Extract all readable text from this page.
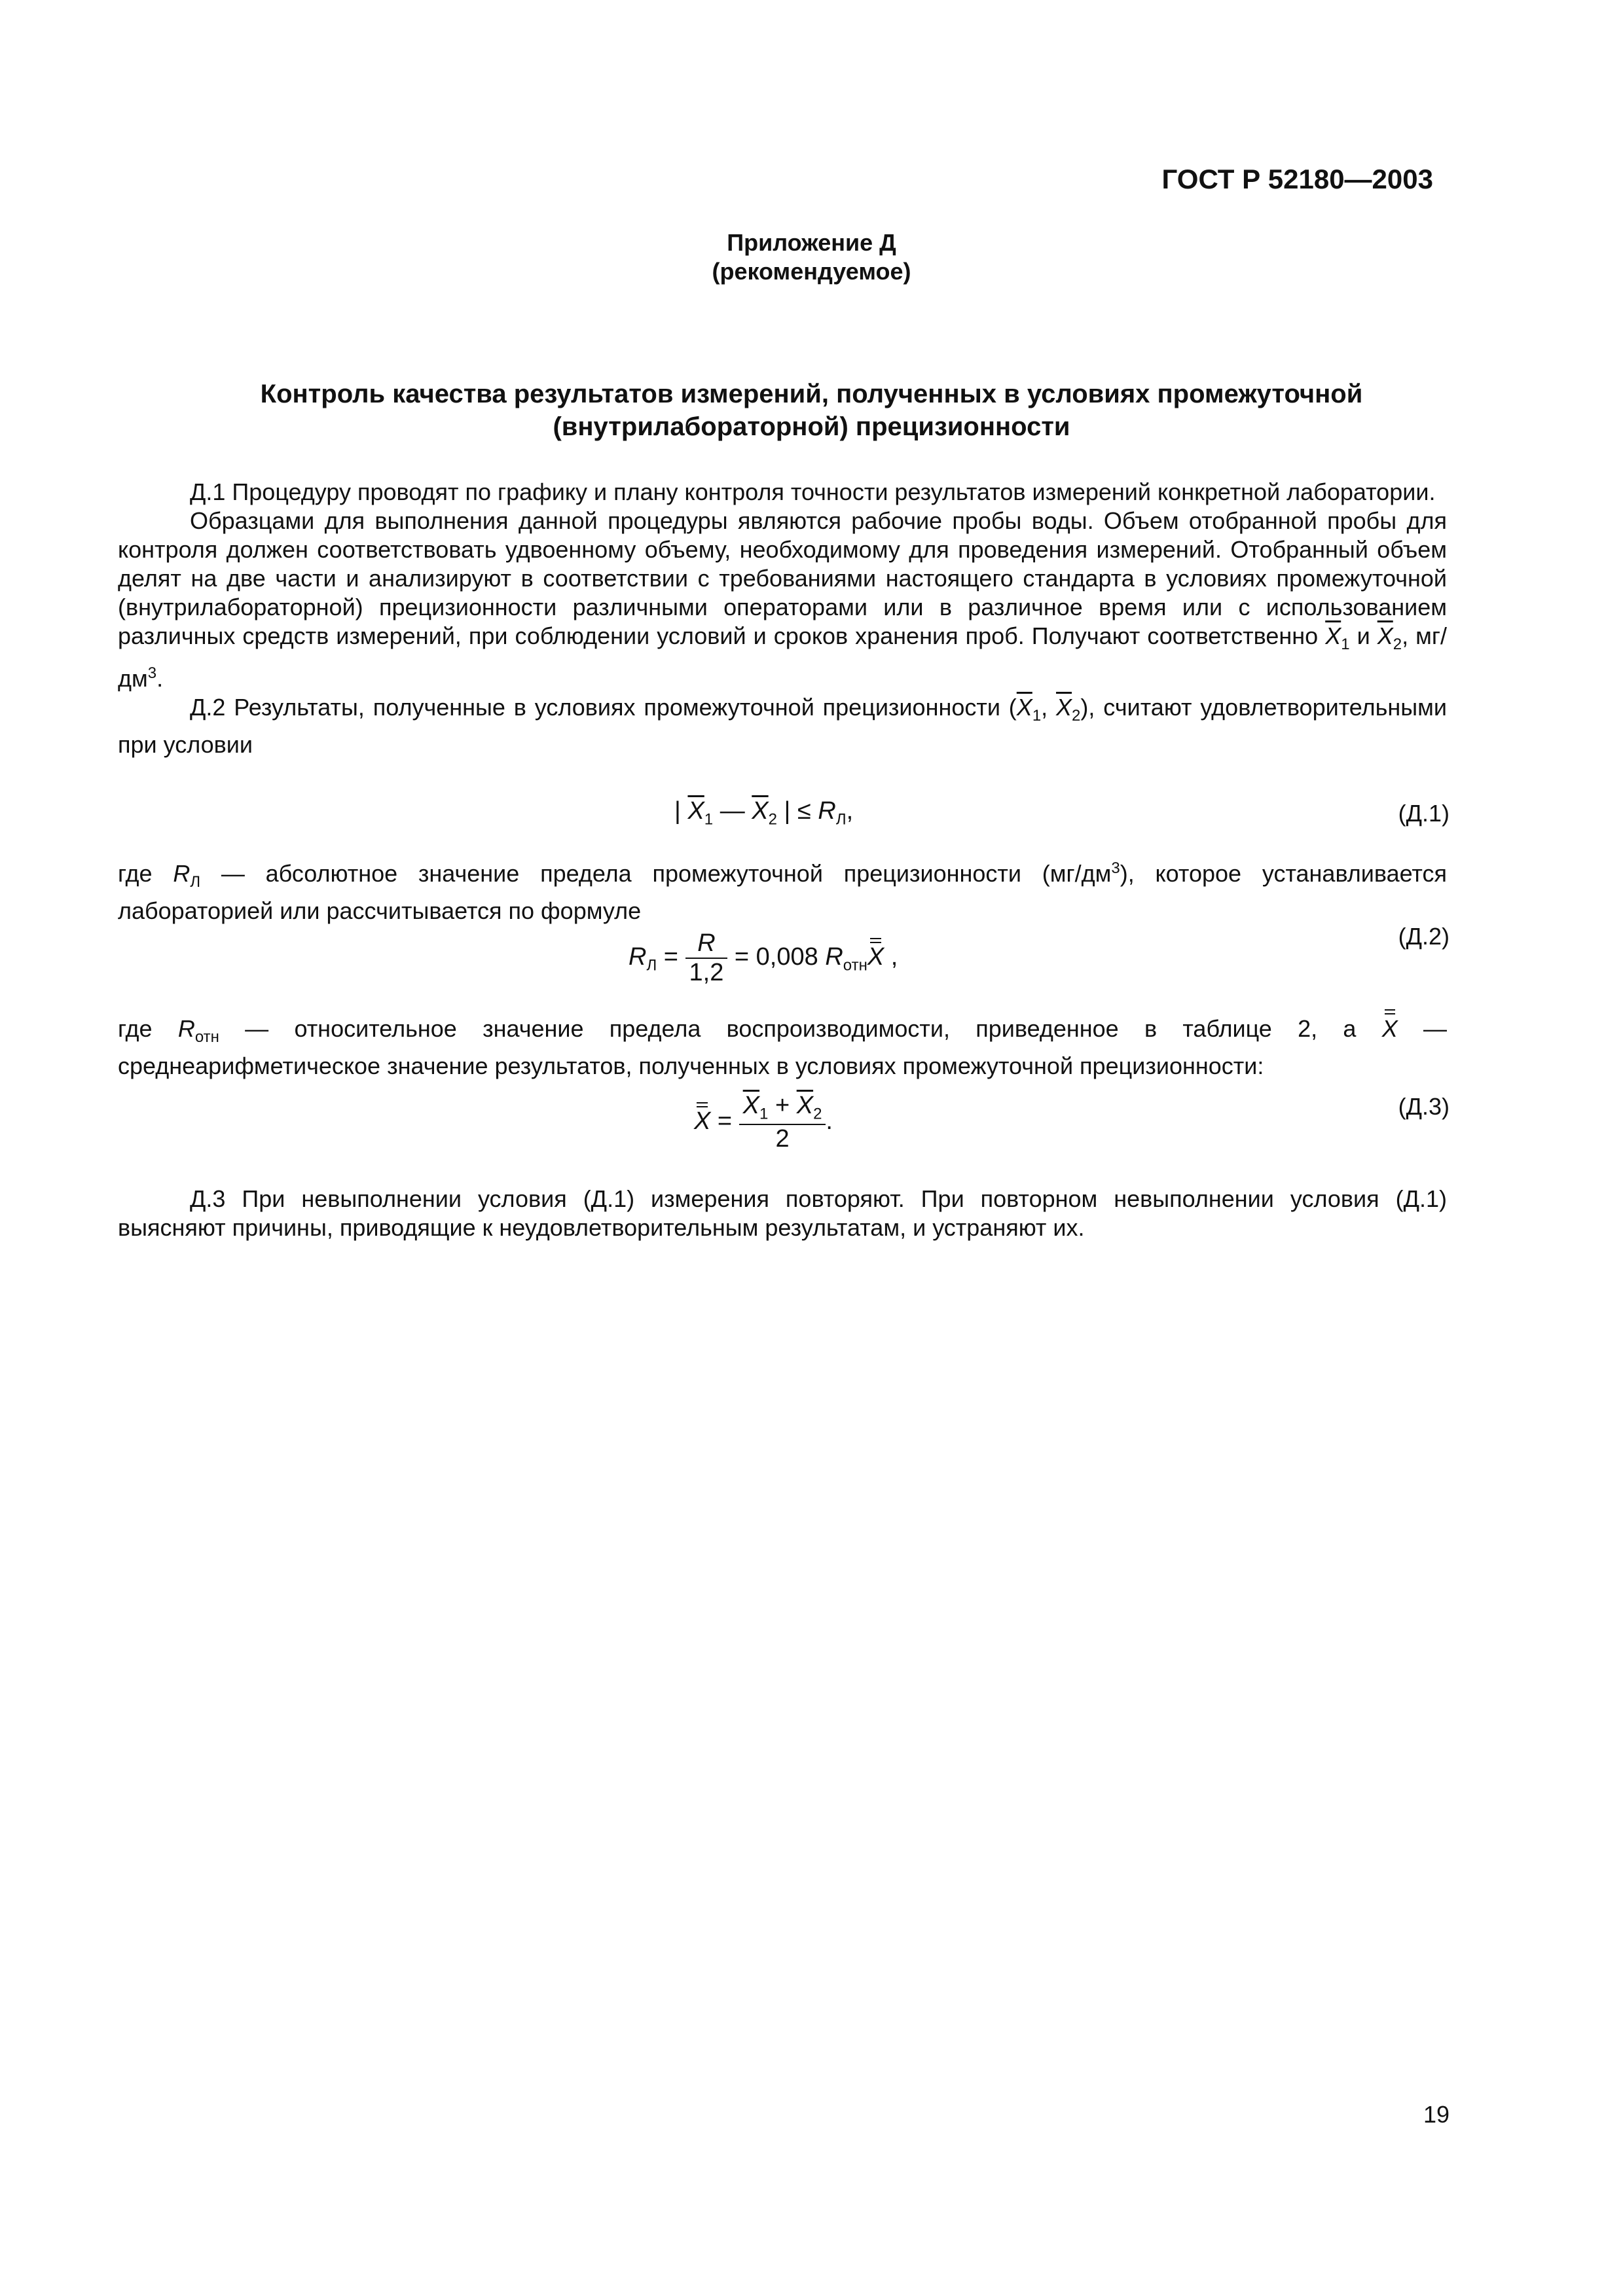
ГОСТ Р 52180—2003
Приложение Д
(рекомендуемое)
Контроль качества результатов измерений, полученных в условиях промежуточной
(внутрилабораторной) прецизионности

Д.1 Процедуру проводят по графику и плану контроля точности результатов измерений конкретной лаборатории.

Образцами для выполнения данной процедуры являются рабочие пробы воды. Объем отобранной пробы для контроля должен соответствовать удвоенному объему, необходимому для проведения измерений. Отобранный объем делят на две части и анализируют в соответствии с требованиями настоящего стандарта в условиях промежуточной (внутрилабораторной) прецизионности различными операторами или в различное время или с использованием различных средств измерений, при соблюдении условий и сроков хранения проб. Получают соответственно $\overline{X}_1$ и $\overline{X}_2$, $мг/дм^3$.

Д.2 Результаты, полученные в условиях промежуточной прецизионности ($\overline{X}_1$, $\overline{X}_2$), считают удовлетворительными при условии

| $\overline{X}_1$ — $\overline{X}_2$ | ≤ $R_Л$,	(Д.1)

где $R_Л$ — абсолютное значение предела промежуточной прецизионности $(мг/дм^3)$, которое устанавливается лабораторией или рассчитывается по формуле

$R_Л = \frac{R}{1,2} = 0,008$ $R_{отн}X$ ,
(Д.2)

где $R_{отн}$ — относительное значение предела воспроизводимости, приведенное в таблице 2, а X — среднеарифметическое значение результатов, полученных в условиях промежуточной прецизионности:

$X = \frac{\overline{X}_1 + \overline{X}_2}{2}$ .
(Д.3)

Д.3 При невыполнении условия (Д.1) измерения повторяют. При повторном невыполнении условия (Д.1) выясняют причины, приводящие к неудовлетворительным результатам, и устраняют их.

19
